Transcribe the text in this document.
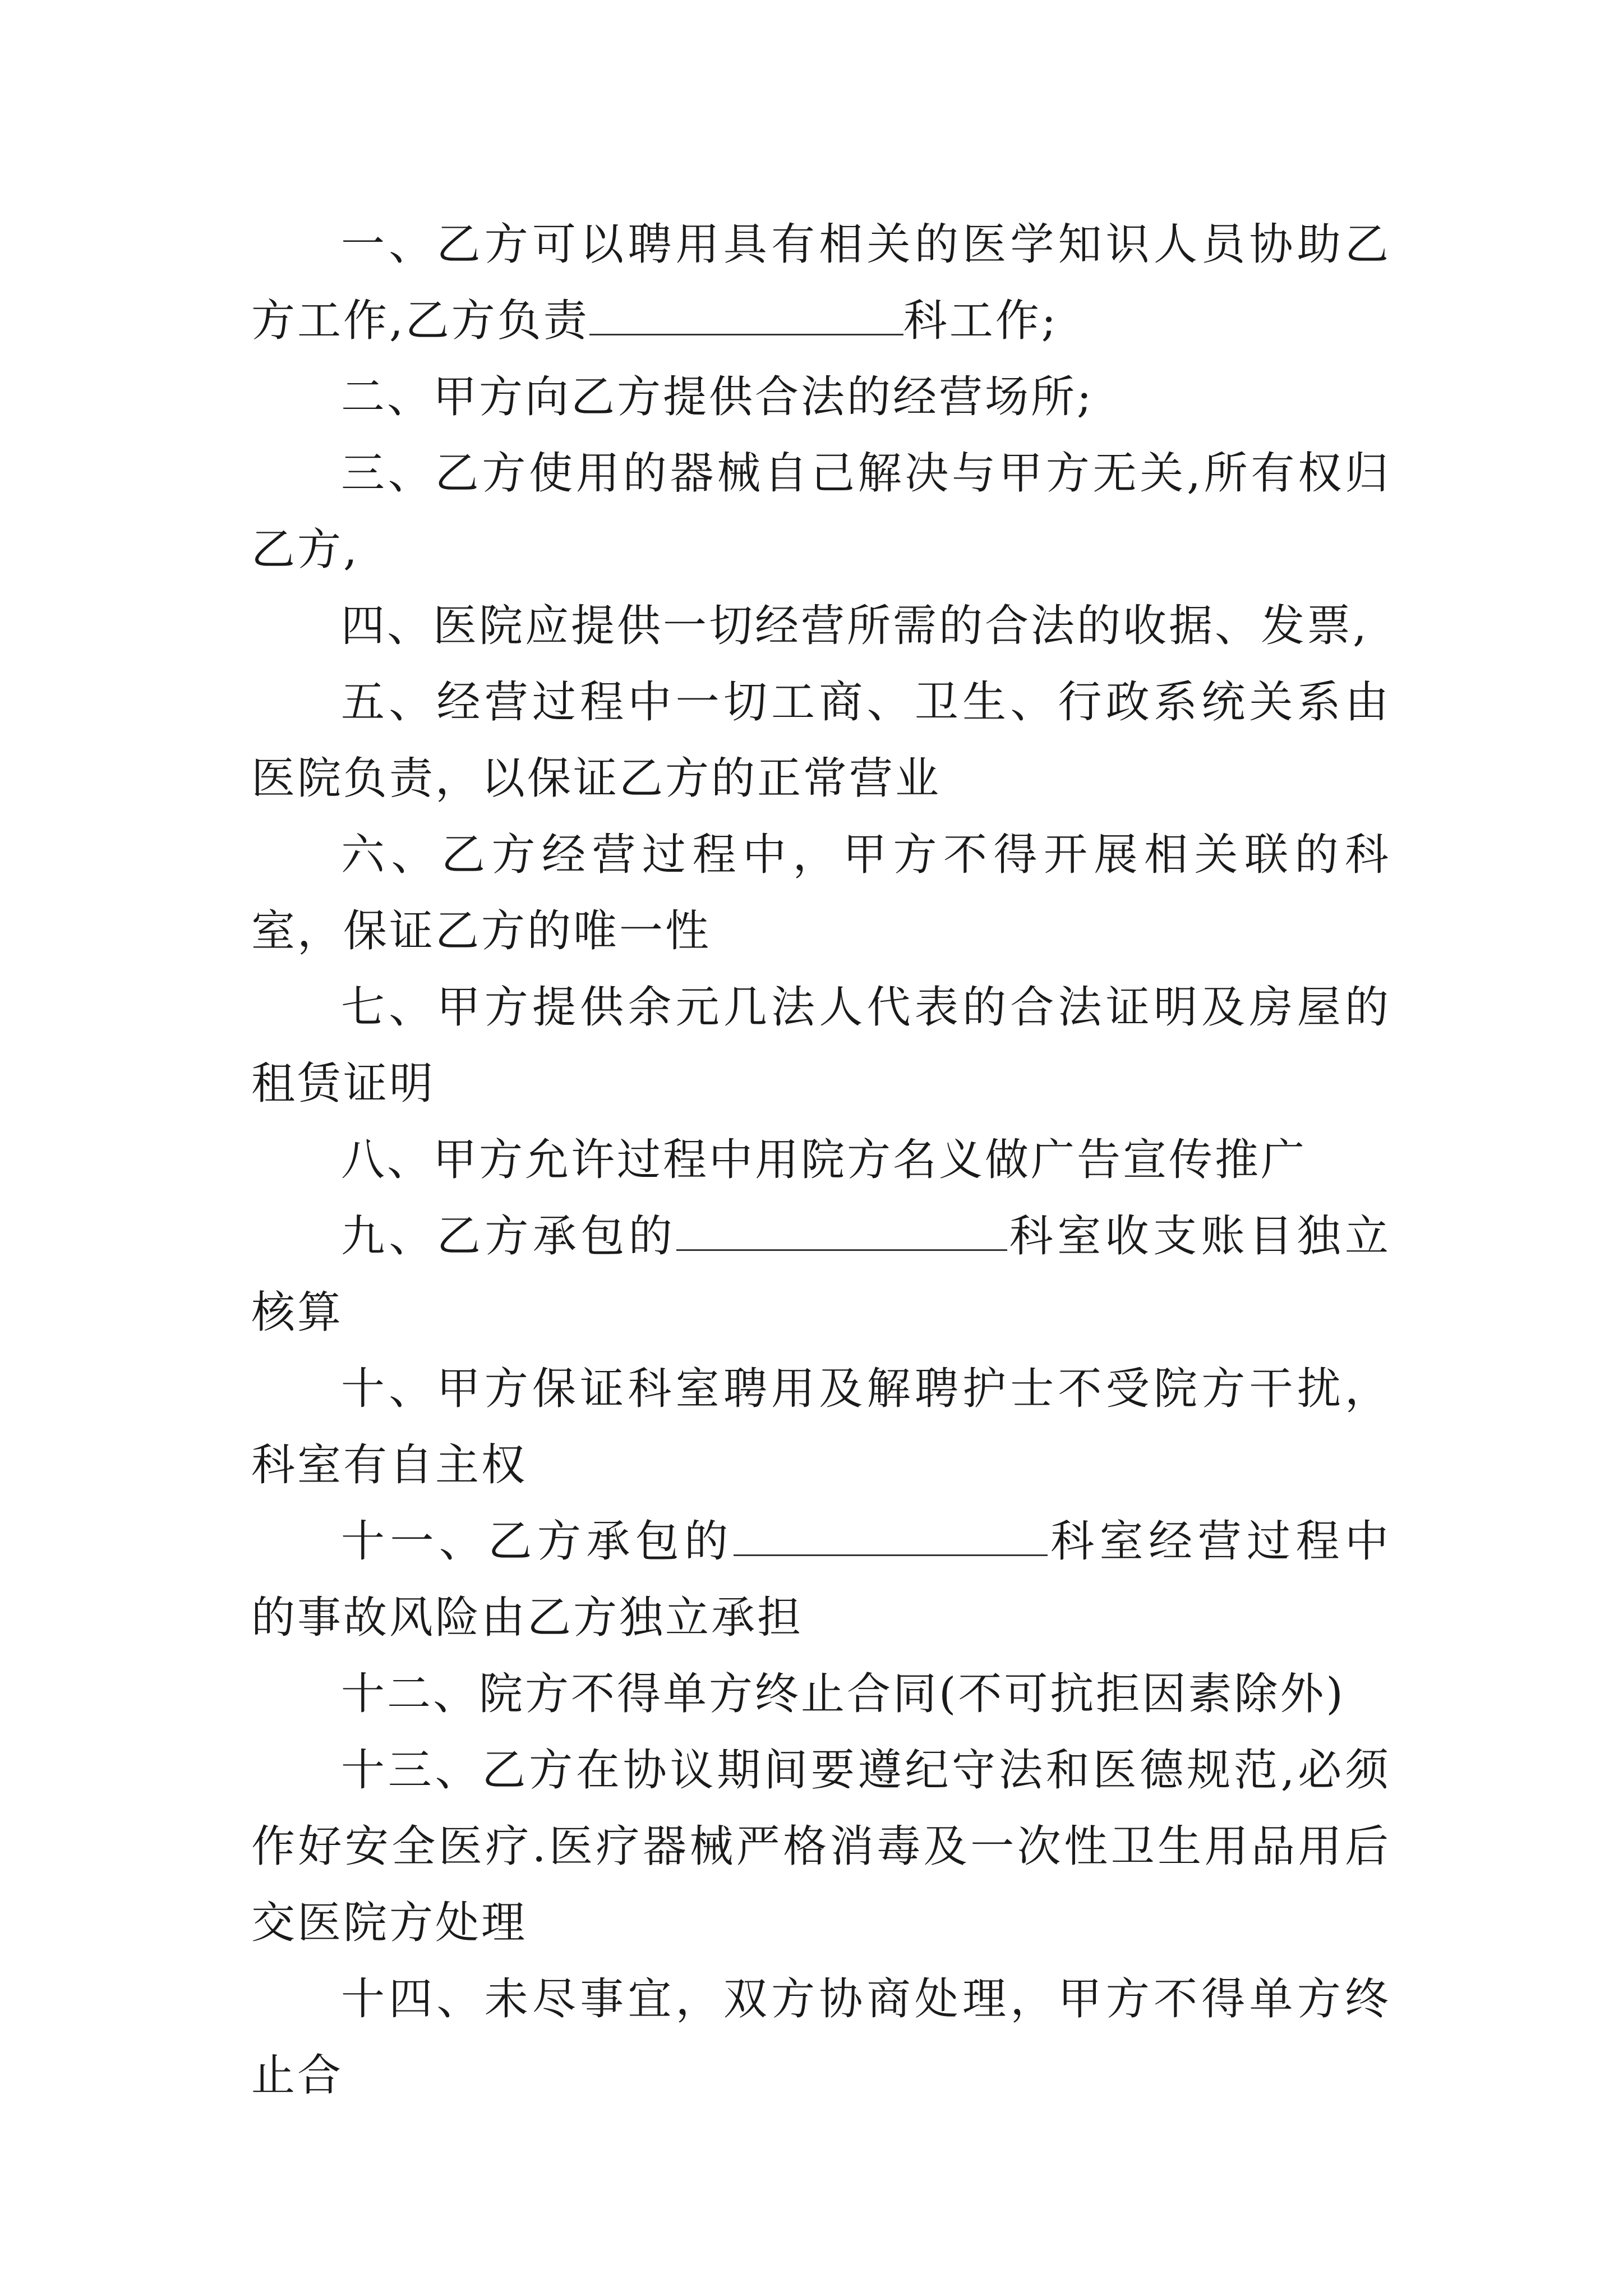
一、乙方可以聘用具有相关的医学知识人员协助乙方工作,乙方负责	科工作;

二、甲方向乙方提供合法的经营场所;

三、乙方使用的器械自己解决与甲方无关,所有权归乙方,

四、医院应提供一切经营所需的合法的收据、发票,

五、经营过程中一切工商、卫生、行政系统关系由医院负责，以保证乙方的正常营业

六、乙方经营过程中，甲方不得开展相关联的科室，保证乙方的唯一性

七、甲方提供余元几法人代表的合法证明及房屋的租赁证明

八、甲方允许过程中用院方名义做广告宣传推广

九、乙方承包的	科室收支账目独立核算

十、甲方保证科室聘用及解聘护士不受院方干扰，科室有自主权

十一、乙方承包的	科室经营过程中的事故风险由乙方独立承担

十二、院方不得单方终止合同(不可抗拒因素除外)

十三、乙方在协议期间要遵纪守法和医德规范,必须作好安全医疗.医疗器械严格消毒及一次性卫生用品用后交医院方处理

十四、未尽事宜，双方协商处理，甲方不得单方终止合
